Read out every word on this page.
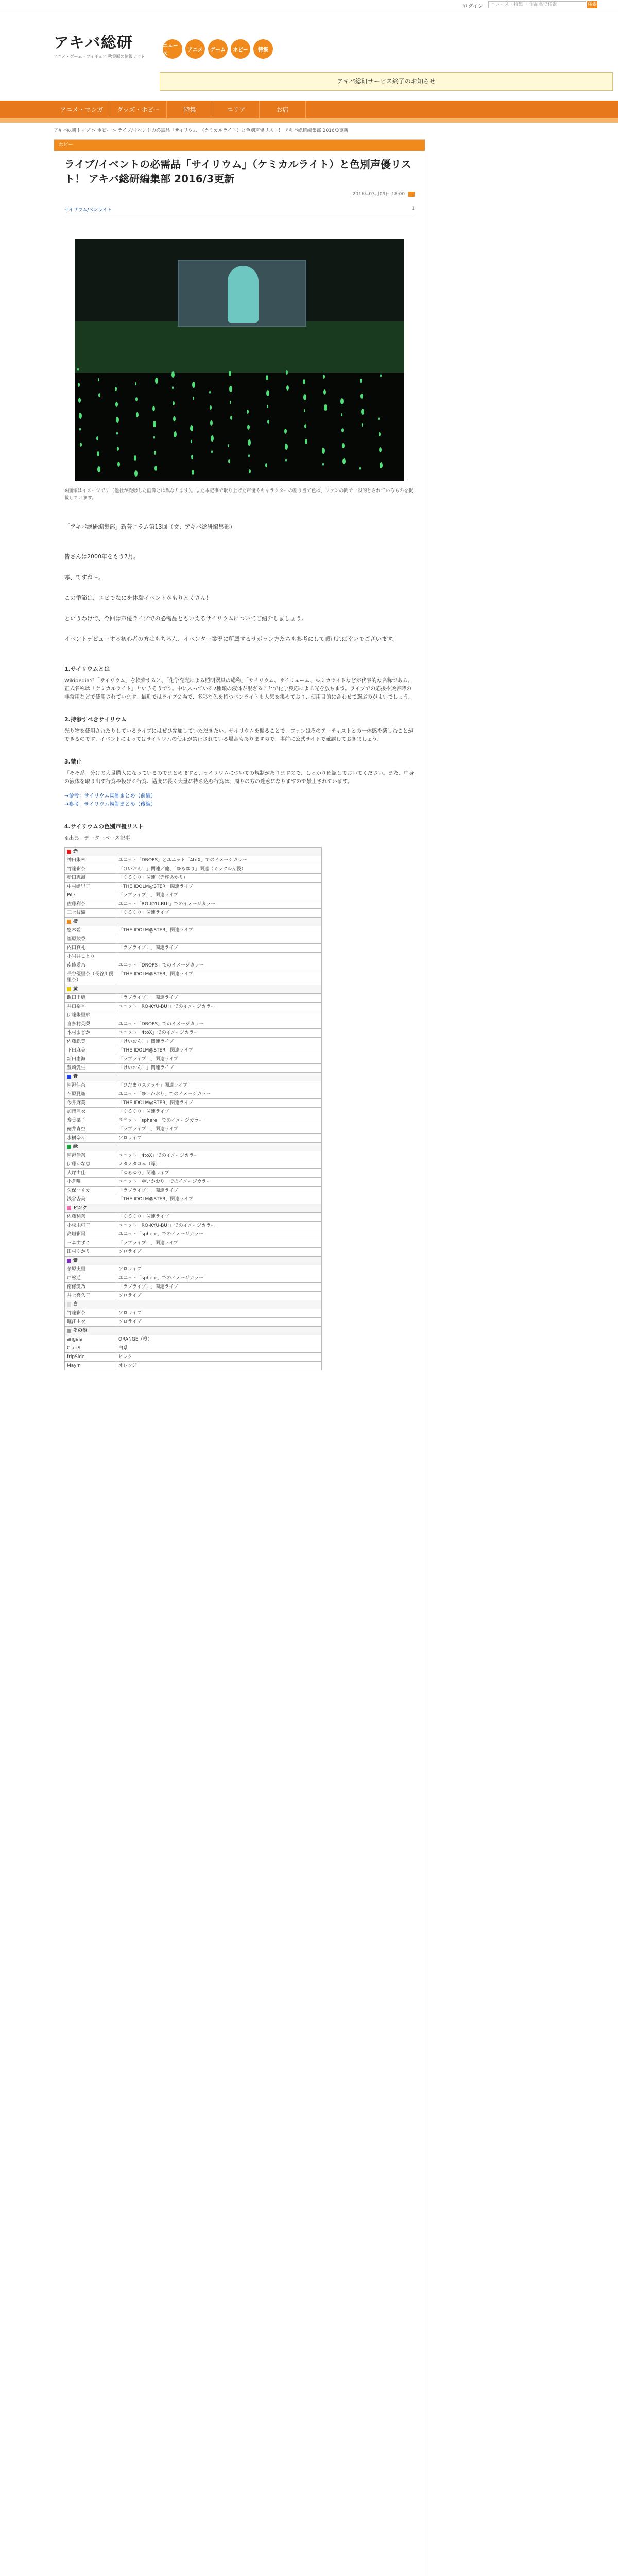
ログイン	ニュース・特集 ・作品名で検索	検索
アキバ総研
アニメ・ゲーム・フィギュア 秋葉原の情報サイト
ニュース
アニメ	ゲーム	ホビー	特集
アキバ総研サービス終了のお知らせ
アニメ・マンガ	グッズ・ホビー	特集	エリア	お店
アキバ総研トップ > ホビー > ライブ/イベントの必需品「サイリウム」（ケミカルライト）と色別声優リスト！ アキバ総研編集部 2016/3更新
ホビー
ライブ/イベントの必需品「サイリウム」（ケミカルライト）と色別声優リスト！ アキバ総研編集部 2016/3更新
2016年03月09日 18:00
サイリウム/ペンライト	1
※画像はイメージです（他社が撮影した画像とは異なります）。また本記事で取り上げた声優やキャラクターの割り当て色は、ファンの間で一般的とされているものを掲載しています。
「アキバ総研編集部」新著コラム第13回（文：アキバ総研編集部）
皆さんは2000年をもう7月。
寒、てすね〜。
この季節は、ユビでなにを体験イベントがもりとくさん！
というわけで、今回は声優ライブでの必需品ともいえるサイリウムについてご紹介しましょう。
イベントデビューする初心者の方はもちろん、イベンター業況に所属するサポラン方たちも参考にして頂ければ幸いでございます。
1.サイリウムとは
Wikipediaで「サイリウム」を検索すると、「化学発光による照明器具の総称」「サイリウム、サイリューム、ルミカライトなどが代表的な名称である。正式名称は「ケミカルライト」というそうです。中に入っている2種類の液体が混ざることで化学反応による光を放ちます。ライブでの応援や災害時の非常用などで使用されています。最近ではライブ会場で、多彩な色を持つペンライトも人気を集めており、使用目的に合わせて選ぶのがよいでしょう。
2.持参すべきサイリウム
光り物を使用されたりしているライブにはぜひ参加していただきたい。サイリウムを振ることで、ファンはそのアーティストとの一体感を楽しむことができるのです。イベントによってはサイリウムの使用が禁止されている場合もありますので、事前に公式サイトで確認しておきましょう。
3.禁止
「そそ系」分けの大量購入になっているのでまとめますと、サイリウムについての規制がありますので、しっかり確認しておいてください。また、中身の液体を取り出す行為や投げる行為、過度に長く大量に持ち込む行為は、周りの方の迷惑になりますので禁止されています。
→参考：サイリウム規制まとめ（前編）
→参考：サイリウム規制まとめ（後編）
4.サイリウムの色別声優リスト
※出典：データーベース記事
赤	
神田朱未	ユニット「DROPS」とユニット「4toX」でのイメージカラー
竹達彩奈	「けいおん！」関連／他、「ゆるゆり」関連（ミラクルん役）
新田恵海	「ゆるゆり」関連（赤座あかり）
中村繪里子	「THE IDOLM@STER」関連ライブ
Pile	「ラブライブ！」関連ライブ
佐藤利奈	ユニット「RO-KYU-BU!」でのイメージカラー
三上枝織	「ゆるゆり」関連ライブ
橙	
悠木碧	「THE IDOLM@STER」関連ライブ
福原綾香	
内田真礼	「ラブライブ！」関連ライブ
小岩井ことり	
南條愛乃	ユニット「DROPS」でのイメージカラー
長谷優里奈（長谷川優里奈）	「THE IDOLM@STER」関連ライブ
黄	
飯田里穂	「ラブライブ！」関連ライブ
井口裕香	ユニット「RO-KYU-BU!」でのイメージカラー
伊達朱里紗	
喜多村英梨	ユニット「DROPS」でのイメージカラー
木村まどか	ユニット「4toX」でのイメージカラー
佐藤聡美	「けいおん！」関連ライブ
下田麻美	「THE IDOLM@STER」関連ライブ
新田恵海	「ラブライブ！」関連ライブ
豊崎愛生	「けいおん！」関連ライブ
青	
阿澄佳奈	「ひだまりスケッチ」関連ライブ
石原夏織	ユニット「ゆいかおり」でのイメージカラー
今井麻美	「THE IDOLM@STER」関連ライブ
加隈亜衣	「ゆるゆり」関連ライブ
寿美菜子	ユニット「sphere」でのイメージカラー
徳井青空	「ラブライブ！」関連ライブ
水樹奈々	ソロライブ
緑	
阿澄佳奈	ユニット「4toX」でのイメージカラー
伊藤かな恵	メタメタコム（緑）
大坪由佳	「ゆるゆり」関連ライブ
小倉唯	ユニット「ゆいかおり」でのイメージカラー
久保ユリカ	「ラブライブ！」関連ライブ
浅倉杏美	「THE IDOLM@STER」関連ライブ
ピンク	
佐藤利奈	「ゆるゆり」関連ライブ
小松未可子	ユニット「RO-KYU-BU!」でのイメージカラー
高垣彩陽	ユニット「sphere」でのイメージカラー
三森すずこ	「ラブライブ！」関連ライブ
田村ゆかり	ソロライブ
紫	
茅原実里	ソロライブ
戸松遥	ユニット「sphere」でのイメージカラー
南條愛乃	「ラブライブ！」関連ライブ
井上喜久子	ソロライブ
白	
竹達彩奈	ソロライブ
堀江由衣	ソロライブ
その他	
angela	ORANGE（橙）
ClariS	白系
fripSide	ピンク
May'n	オレンジ
